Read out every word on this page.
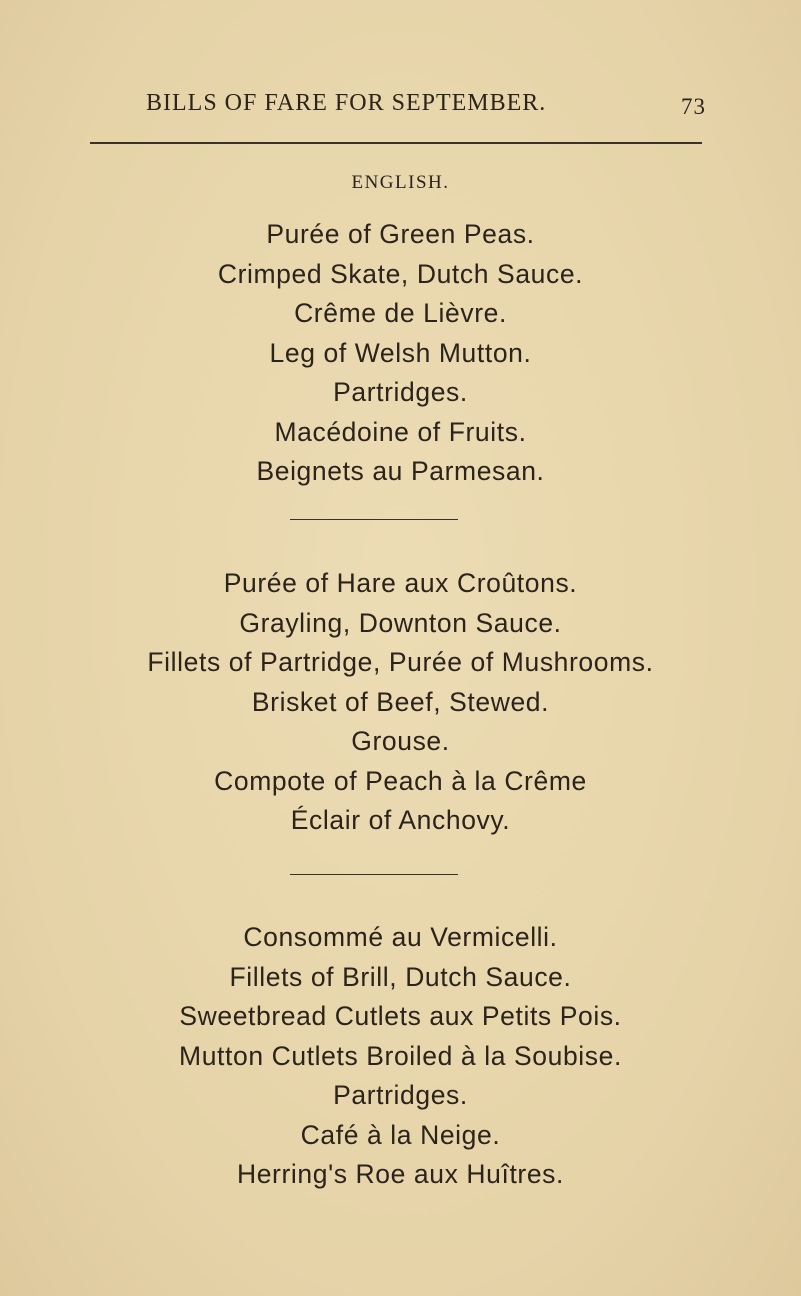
BILLS OF FARE FOR SEPTEMBER.	73
ENGLISH.
Purée of Green Peas.
Crimped Skate, Dutch Sauce.
Crême de Lièvre.
Leg of Welsh Mutton.
Partridges.
Macédoine of Fruits.
Beignets au Parmesan.
Purée of Hare aux Croûtons.
Grayling, Downton Sauce.
Fillets of Partridge, Purée of Mushrooms.
Brisket of Beef, Stewed.
Grouse.
Compote of Peach à la Crême
Éclair of Anchovy.
Consommé au Vermicelli.
Fillets of Brill, Dutch Sauce.
Sweetbread Cutlets aux Petits Pois.
Mutton Cutlets Broiled à la Soubise.
Partridges.
Café à la Neige.
Herring's Roe aux Huîtres.
